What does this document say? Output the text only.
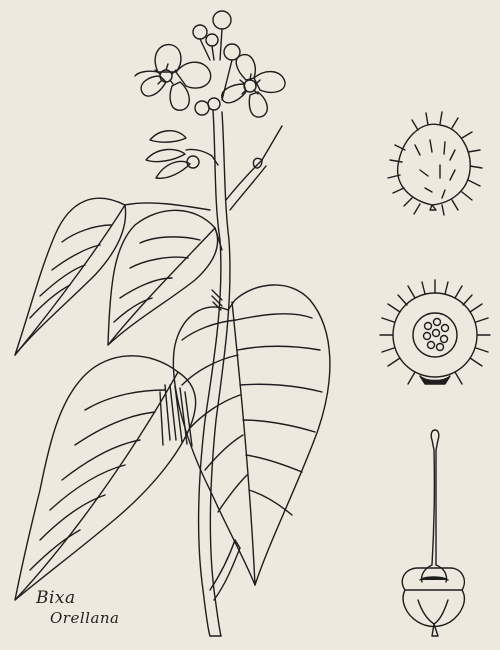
Bixa
Orellana
